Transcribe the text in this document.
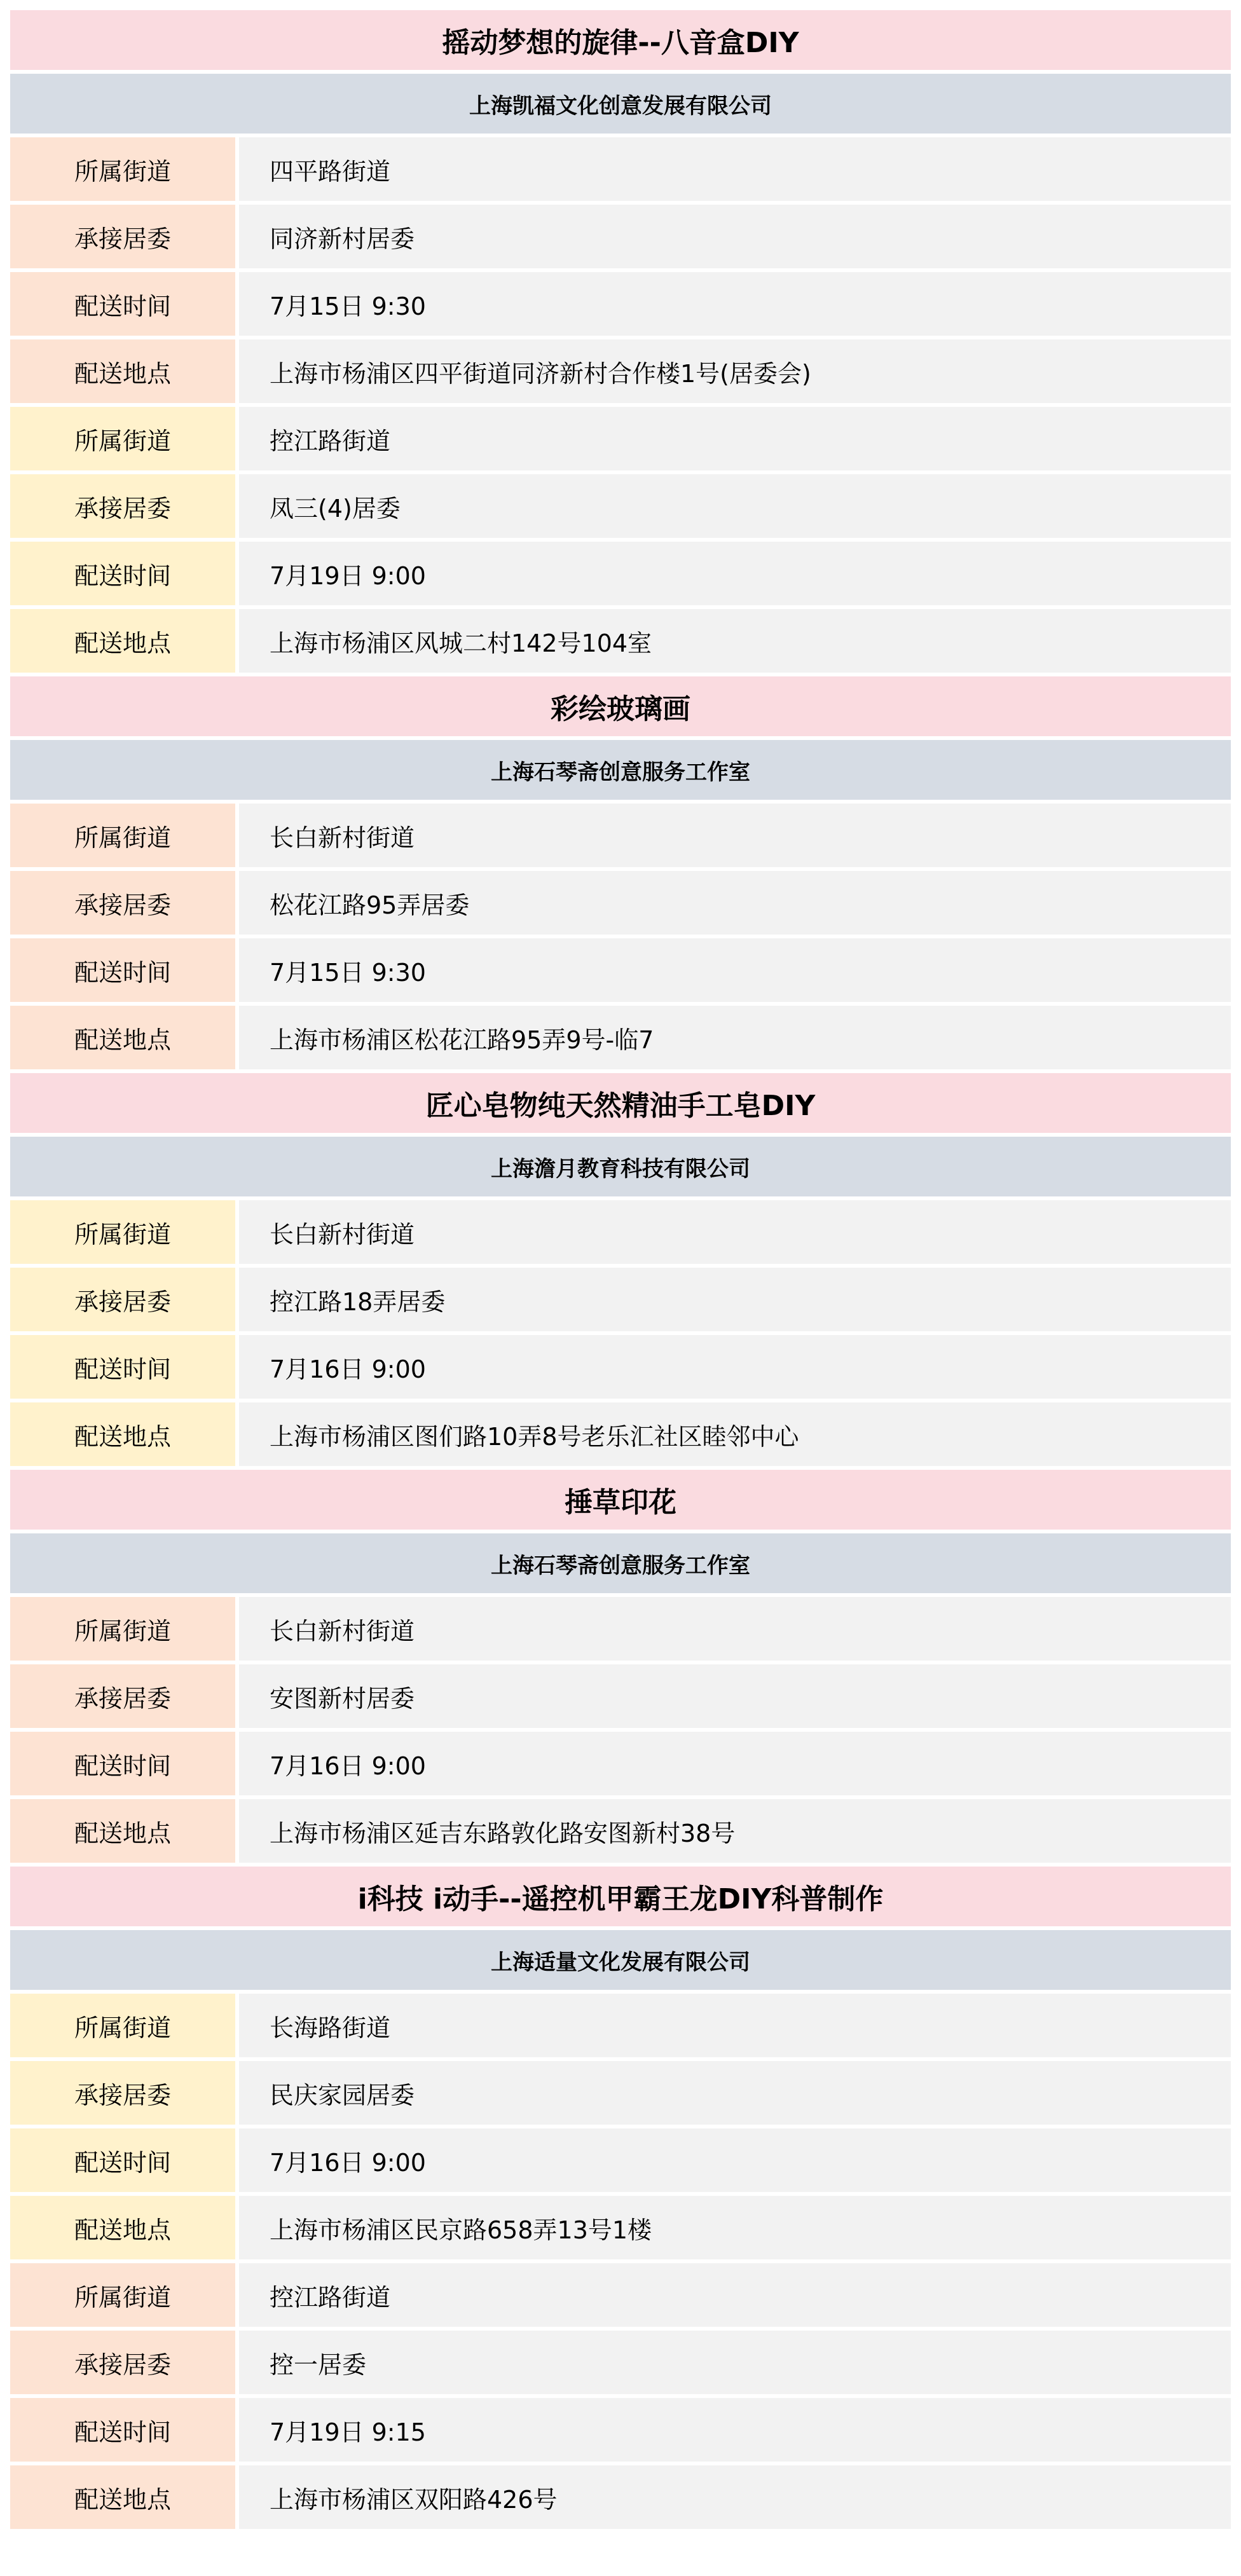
摇动梦想的旋律--八音盒DIY
上海凯福文化创意发展有限公司
所属街道	四平路街道
承接居委	同济新村居委
配送时间	7月15日 9:30
配送地点	上海市杨浦区四平街道同济新村合作楼1号(居委会)
所属街道	控江路街道
承接居委	凤三(4)居委
配送时间	7月19日 9:00
配送地点	上海市杨浦区风城二村142号104室
彩绘玻璃画
上海石琴斋创意服务工作室
所属街道	长白新村街道
承接居委	松花江路95弄居委
配送时间	7月15日 9:30
配送地点	上海市杨浦区松花江路95弄9号-临7
匠心皂物纯天然精油手工皂DIY
上海澹月教育科技有限公司
所属街道	长白新村街道
承接居委	控江路18弄居委
配送时间	7月16日 9:00
配送地点	上海市杨浦区图们路10弄8号老乐汇社区睦邻中心
捶草印花
上海石琴斋创意服务工作室
所属街道	长白新村街道
承接居委	安图新村居委
配送时间	7月16日 9:00
配送地点	上海市杨浦区延吉东路敦化路安图新村38号
i科技 i动手--遥控机甲霸王龙DIY科普制作
上海适量文化发展有限公司
所属街道	长海路街道
承接居委	民庆家园居委
配送时间	7月16日 9:00
配送地点	上海市杨浦区民京路658弄13号1楼
所属街道	控江路街道
承接居委	控一居委
配送时间	7月19日 9:15
配送地点	上海市杨浦区双阳路426号
